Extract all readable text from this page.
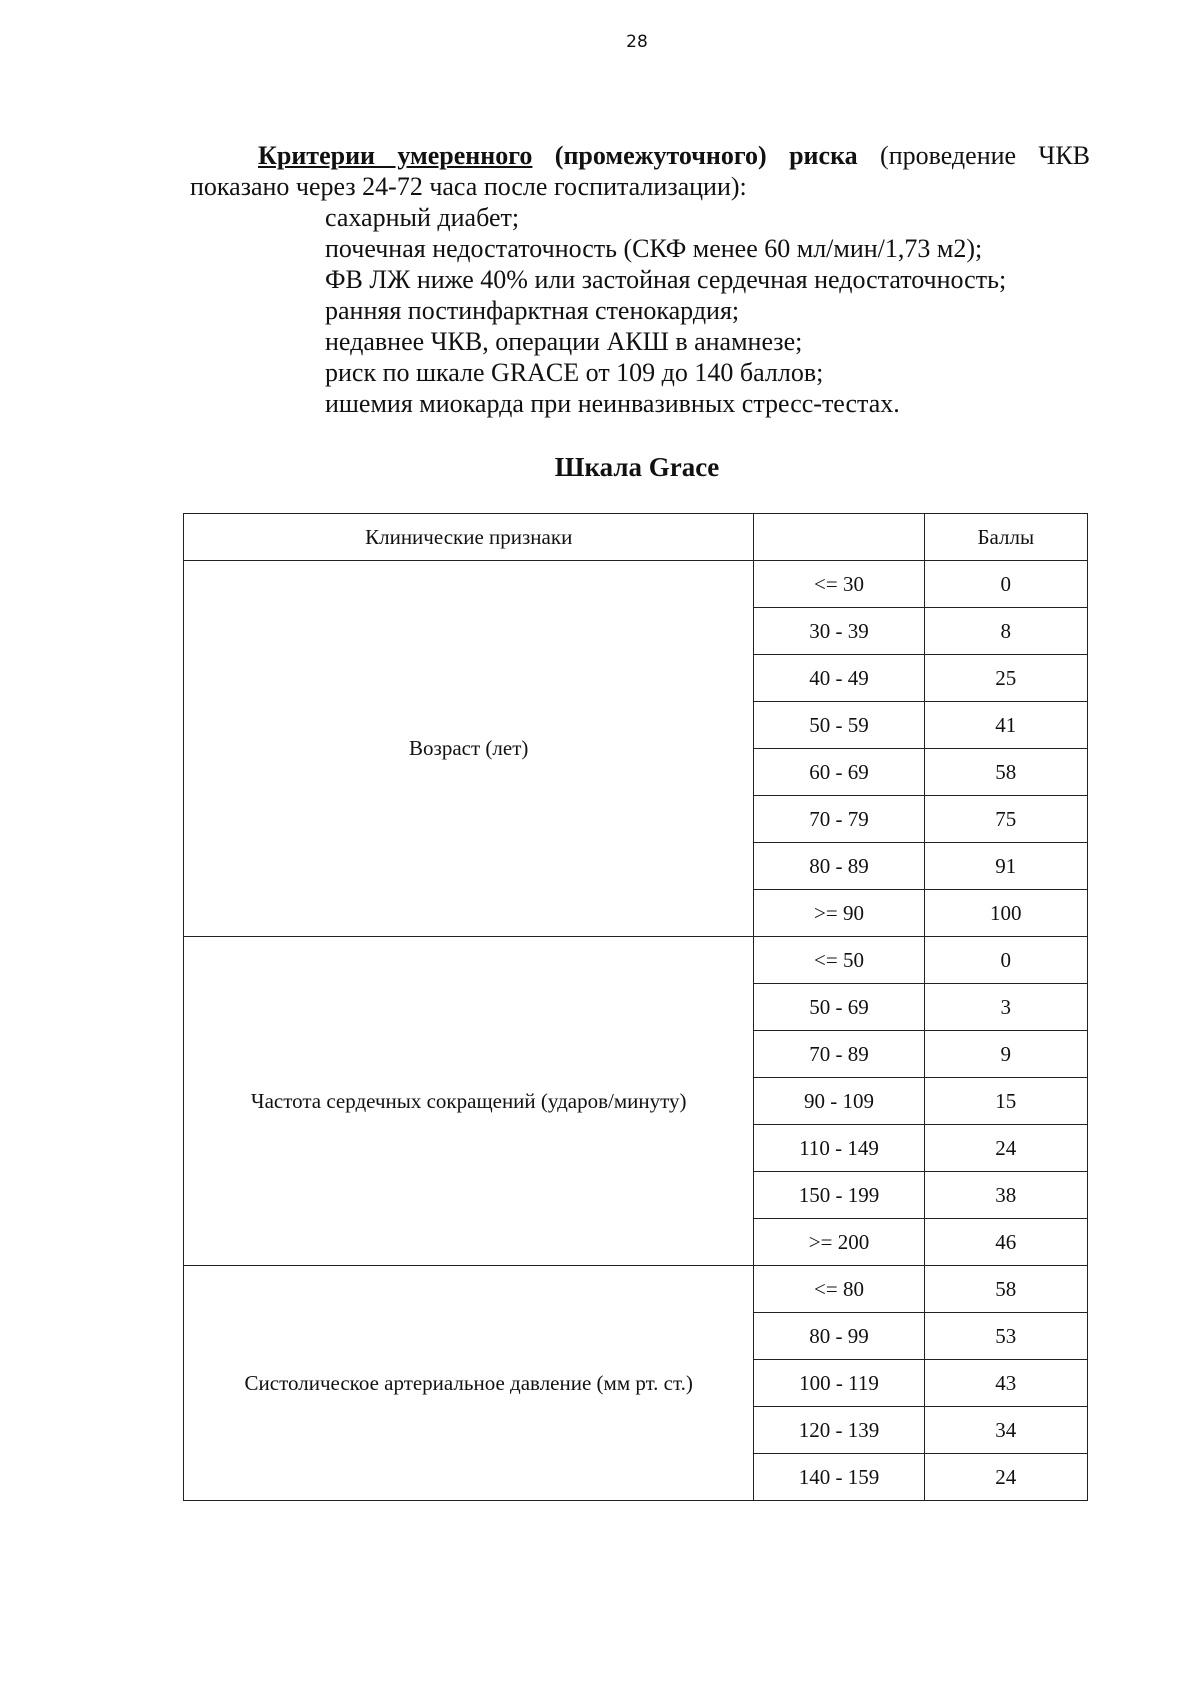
28

Критерии умеренного (промежуточного) риска (проведение ЧКВ показано через 24-72 часа после госпитализации):

сахарный диабет;
почечная недостаточность (СКФ менее 60 мл/мин/1,73 м2);
ФВ ЛЖ ниже 40% или застойная сердечная недостаточность;
ранняя постинфарктная стенокардия;
недавнее ЧКВ, операции АКШ в анамнезе;
риск по шкале GRACE от 109 до 140 баллов;
ишемия миокарда при неинвазивных стресс-тестах.
Шкала Grace
Клинические признаки		Баллы
Возраст (лет)	<= 30	0
	30 - 39	8
	40 - 49	25
	50 - 59	41
	60 - 69	58
	70 - 79	75
	80 - 89	91
	>= 90	100
Частота сердечных сокращений (ударов/минуту)	<= 50	0
	50 - 69	3
	70 - 89	9
	90 - 109	15
	110 - 149	24
	150 - 199	38
	>= 200	46
Систолическое артериальное давление (мм рт. ст.)	<= 80	58
	80 - 99	53
	100 - 119	43
	120 - 139	34
	140 - 159	24
